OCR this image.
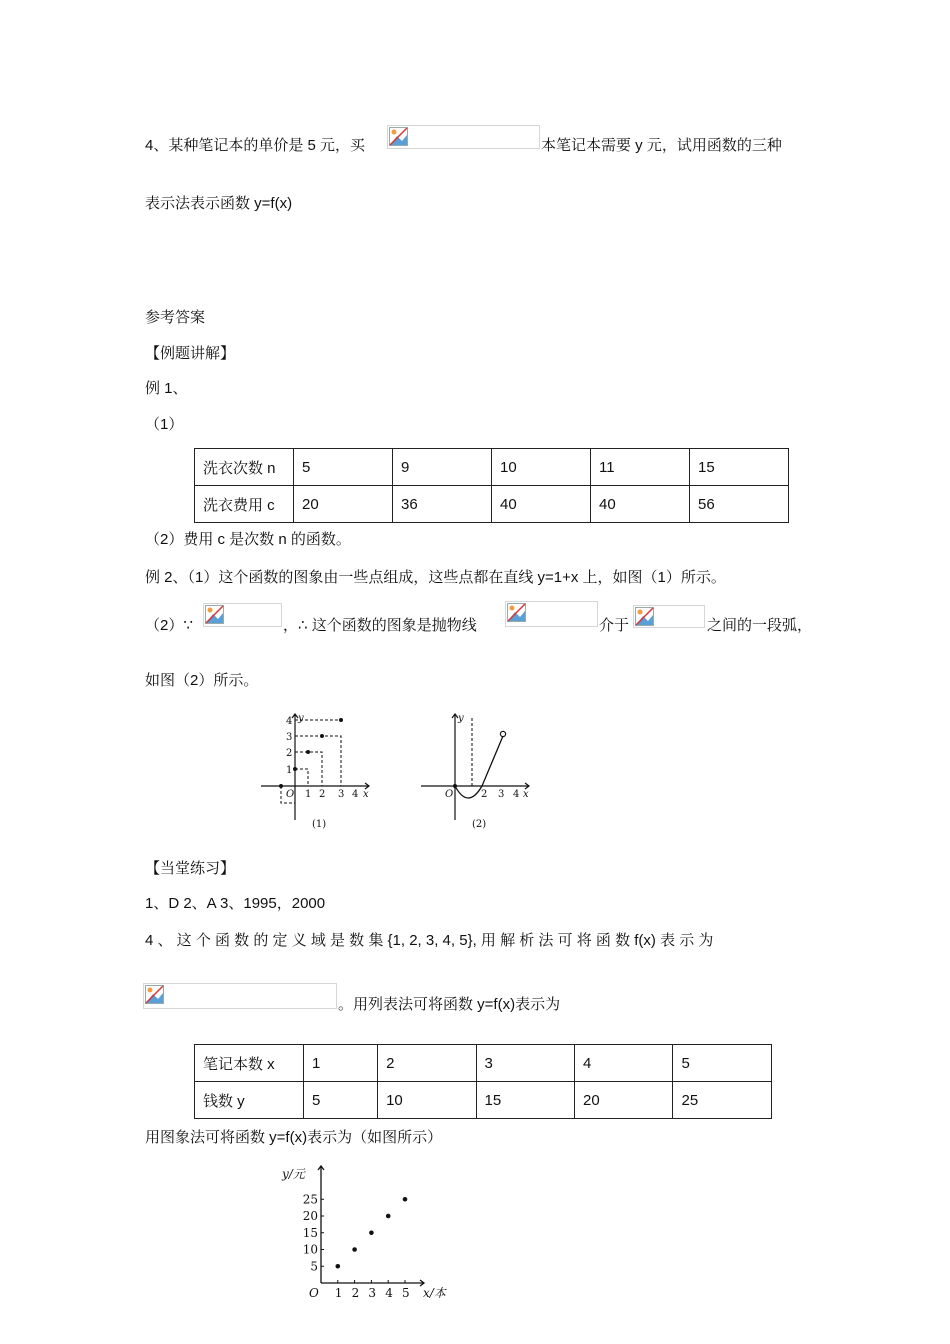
4、某种笔记本的单价是 5 元，买	本笔记本需要 y 元，试用函数的三种
表示法表示函数 y=f(x)
参考答案
【例题讲解】
例 1、
（1）
洗衣次数 n	5	9	10	11	15
洗衣费用 c	20	36	40	40	56
（2）费用 c 是次数 n 的函数。
例 2、（1）这个函数的图象由一些点组成，这些点都在直线 y=1+x 上，如图（1）所示。
（2）∵	，∴ 这个函数的图象是抛物线	介于	之间的一段弧，
如图（2）所示。
O 1 2 3 4 x
1
2
3
4 y
(1)
O	2 3 4 x
y
(2)
【当堂练习】
1、D 2、A 3、1995，2000
4 、 这 个 函 数 的 定 义 域 是 数 集 {1, 2, 3, 4, 5}, 用 解 析 法 可 将 函 数 f(x) 表 示 为
。用列表法可将函数 y=f(x)表示为
笔记本数 x	1	2	3	4	5
钱数 y	5	10	15	20	25
用图象法可将函数 y=f(x)表示为（如图所示）
1 2 3 4 5
5
10
15
20
25
O	x/本
y/元
